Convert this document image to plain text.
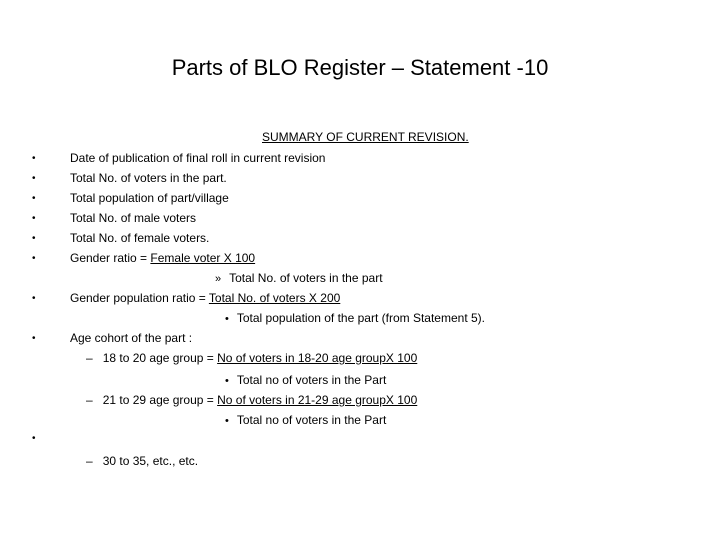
Parts of BLO Register – Statement -10
SUMMARY OF CURRENT REVISION.
•
•
•
•
•
•
•
•
•
Date of publication of final roll in current revision
Total No. of voters in the part.
Total population of part/village
Total No. of male voters
Total No. of female voters.
Gender ratio = Female voter X 100
» Total No. of voters in the part
Gender population ratio = Total No. of voters X 200
• Total population of the part (from Statement 5).
Age cohort of the part :
– 18 to 20 age group = No of voters in 18-20 age groupX 100
• Total no of voters in the Part
– 21 to 29 age group = No of voters in 21-29 age groupX 100
• Total no of voters in the Part
– 30 to 35, etc., etc.
